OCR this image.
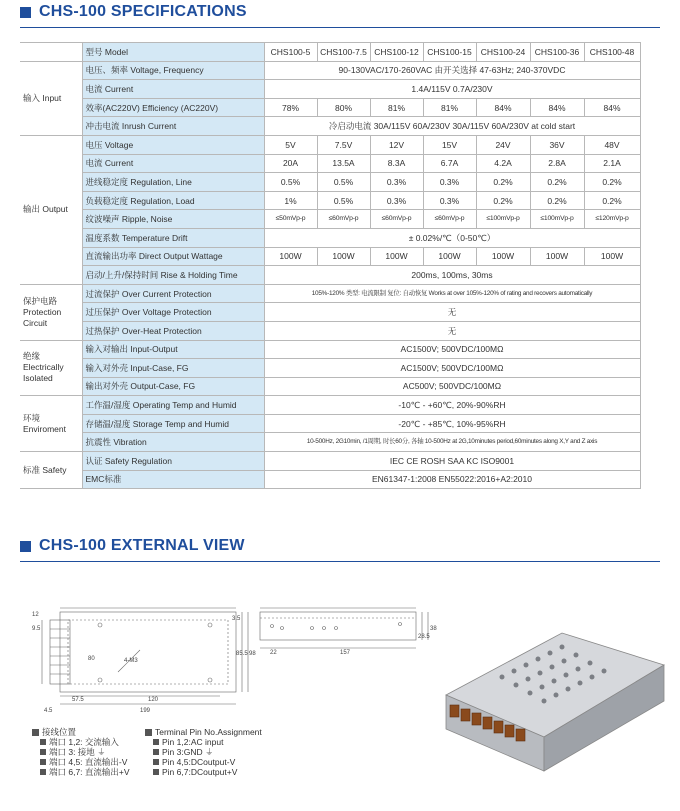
CHS-100 SPECIFICATIONS
	型号 Model	CHS100-5	CHS100-7.5	CHS100-12	CHS100-15	CHS100-24	CHS100-36	CHS100-48
输入 Input	电压、频率 Voltage, Frequency	90-130VAC/170-260VAC 由开关选择 47-63Hz; 240-370VDC						
	电流 Current	1.4A/115V 0.7A/230V						
	效率(AC220V) Efficiency (AC220V)	78%	80%	81%	81%	84%	84%	84%
	冲击电流 Inrush Current	冷启动电流 30A/115V 60A/230V 30A/115V 60A/230V at cold start						
输出 Output	电压 Voltage	5V	7.5V	12V	15V	24V	36V	48V
	电流 Current	20A	13.5A	8.3A	6.7A	4.2A	2.8A	2.1A
	进线稳定度 Regulation, Line	0.5%	0.5%	0.3%	0.3%	0.2%	0.2%	0.2%
	负载稳定度 Regulation, Load	1%	0.5%	0.3%	0.3%	0.2%	0.2%	0.2%
	纹波噪声 Ripple, Noise	≤50mVp-p	≤60mVp-p	≤60mVp-p	≤60mVp-p	≤100mVp-p	≤100mVp-p	≤120mVp-p
	温度系数 Temperature Drift	± 0.02%/℃（0-50℃）						
	直流输出功率 Direct Output Wattage	100W	100W	100W	100W	100W	100W	100W
	启动/上升/保持时间 Rise & Holding Time	200ms, 100ms, 30ms						
保护电路 Protection Circuit	过流保护 Over Current Protection	105%-120% 类型: 电流限制 复位: 自动恢复 Works at over 105%-120% of rating and recovers automatically						
	过压保护 Over Voltage Protection	无						
	过热保护 Over-Heat Protection	无						
绝缘 Electrically Isolated	输入对输出 Input-Output	AC1500V; 500VDC/100MΩ						
	输入对外壳 Input-Case, FG	AC1500V; 500VDC/100MΩ						
	输出对外壳 Output-Case, FG	AC500V; 500VDC/100MΩ						
环境 Enviroment	工作温/湿度 Operating Temp and Humid	-10℃ - +60℃, 20%-90%RH						
	存储温/湿度 Storage Temp and Humid	-20℃ - +85℃, 10%-95%RH						
	抗震性 Vibration	10-500Hz, 2G10min, /1周期, 时长60分, 各轴 10-500Hz at 2G,10minutes period,60minutes along X,Y and Z axis						
标准 Safety	认证 Safety Regulation	IEC CE ROSH SAA KC ISO9001						
	EMC标准	EN61347-1:2008 EN55022:2016+A2:2010						
CHS-100 EXTERNAL VIEW
57.5	120
199
4.5
80
85.5 98
3.5
9.5
12
4-M3
22	157
38
28.5
接线位置
端口 1,2: 交流输入
端口 3: 接地 ⏚
端口 4,5: 直流输出-V
端口 6,7: 直流输出+V
Terminal Pin No.Assignment
Pin 1,2:AC input
Pin 3:GND ⏚
Pin 4,5:DCoutput-V
Pin 6,7:DCoutput+V
